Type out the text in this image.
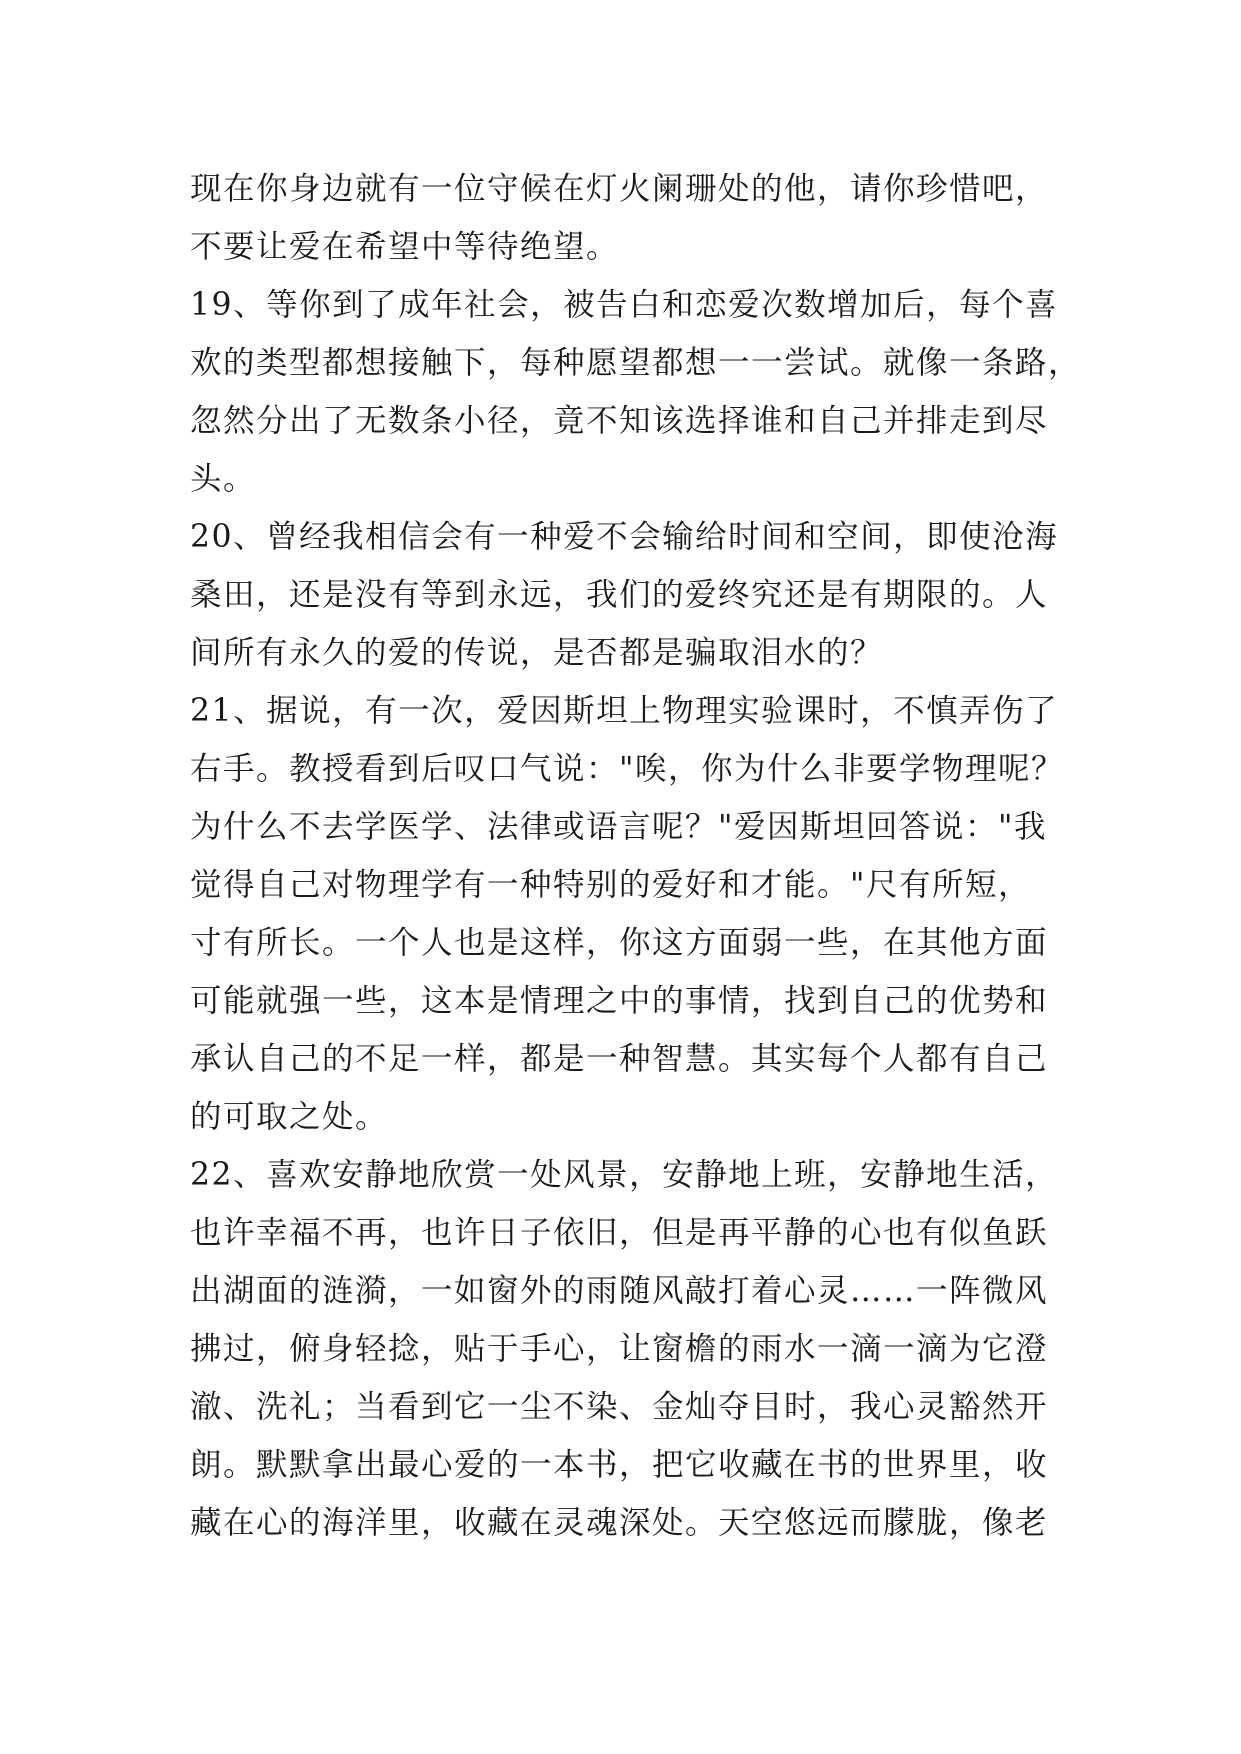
现在你身边就有一位守候在灯火阑珊处的他，请你珍惜吧，
不要让爱在希望中等待绝望。
19、等你到了成年社会，被告白和恋爱次数增加后，每个喜
欢的类型都想接触下，每种愿望都想一一尝试。就像一条路，
忽然分出了无数条小径，竟不知该选择谁和自己并排走到尽
头。
20、曾经我相信会有一种爱不会输给时间和空间，即使沧海
桑田，还是没有等到永远，我们的爱终究还是有期限的。人
间所有永久的爱的传说，是否都是骗取泪水的？
21、据说，有一次，爱因斯坦上物理实验课时，不慎弄伤了
右手。教授看到后叹口气说："唉，你为什么非要学物理呢？
为什么不去学医学、法律或语言呢？"爱因斯坦回答说："我
觉得自己对物理学有一种特别的爱好和才能。"尺有所短，
寸有所长。一个人也是这样，你这方面弱一些，在其他方面
可能就强一些，这本是情理之中的事情，找到自己的优势和
承认自己的不足一样，都是一种智慧。其实每个人都有自己
的可取之处。
22、喜欢安静地欣赏一处风景，安静地上班，安静地生活，
也许幸福不再，也许日子依旧，但是再平静的心也有似鱼跃
出湖面的涟漪，一如窗外的雨随风敲打着心灵……一阵微风
拂过，俯身轻捻，贴于手心，让窗檐的雨水一滴一滴为它澄
澈、洗礼；当看到它一尘不染、金灿夺目时，我心灵豁然开
朗。默默拿出最心爱的一本书，把它收藏在书的世界里，收
藏在心的海洋里，收藏在灵魂深处。天空悠远而朦胧，像老
